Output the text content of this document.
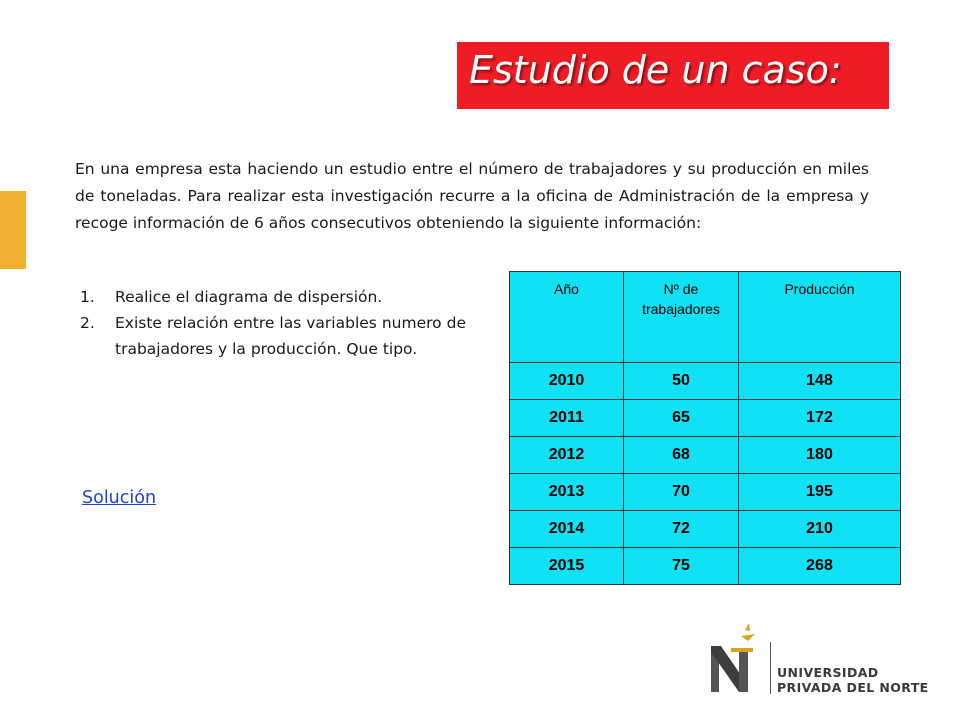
Estudio de un caso:
En una empresa esta haciendo un estudio entre el número de trabajadores y su producción en miles de toneladas. Para realizar esta investigación recurre a la oficina de Administración de la empresa y recoge información de 6 años consecutivos obteniendo la siguiente información:
1. Realice el diagrama de dispersión.
2. Existe relación entre las variables numero de trabajadores y la producción. Que tipo.
Solución
Año	Nº de trabajadores	Producción
2010	50	148
2011	65	172
2012	68	180
2013	70	195
2014	72	210
2015	75	268
UNIVERSIDAD
PRIVADA DEL NORTE
